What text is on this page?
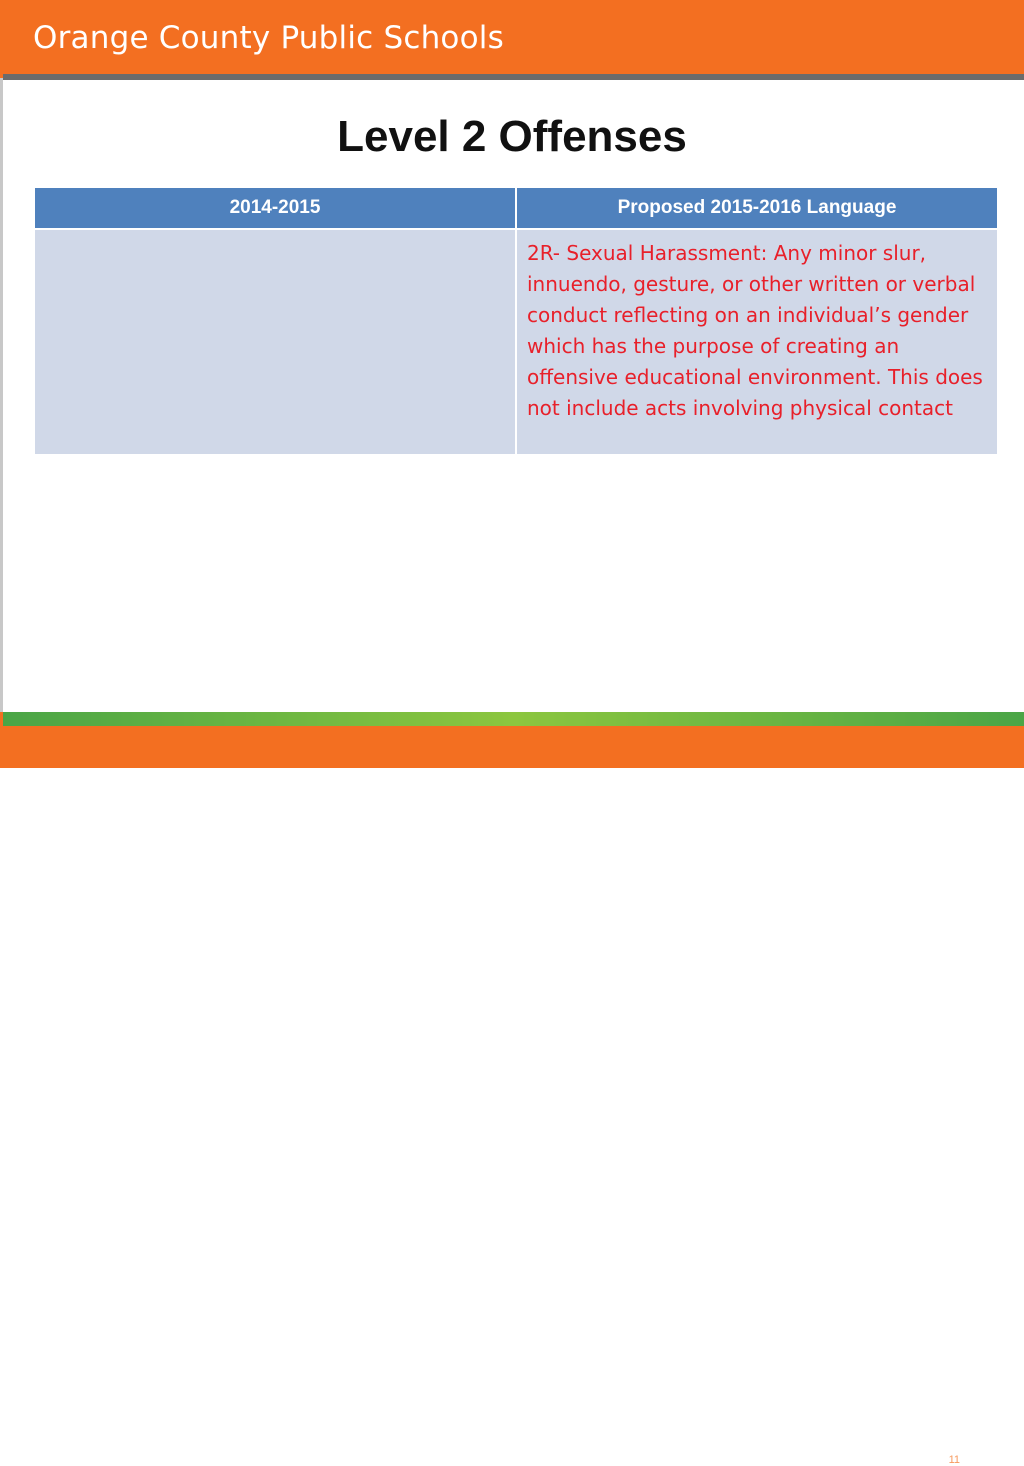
Orange County Public Schools
Level 2 Offenses
2014-2015	Proposed 2015-2016 Language

	2R- Sexual Harassment: Any minor slur, innuendo, gesture, or other written or verbal conduct reflecting on an individual’s gender which has the purpose of creating an offensive educational environment. This does not include acts involving physical contact
11
